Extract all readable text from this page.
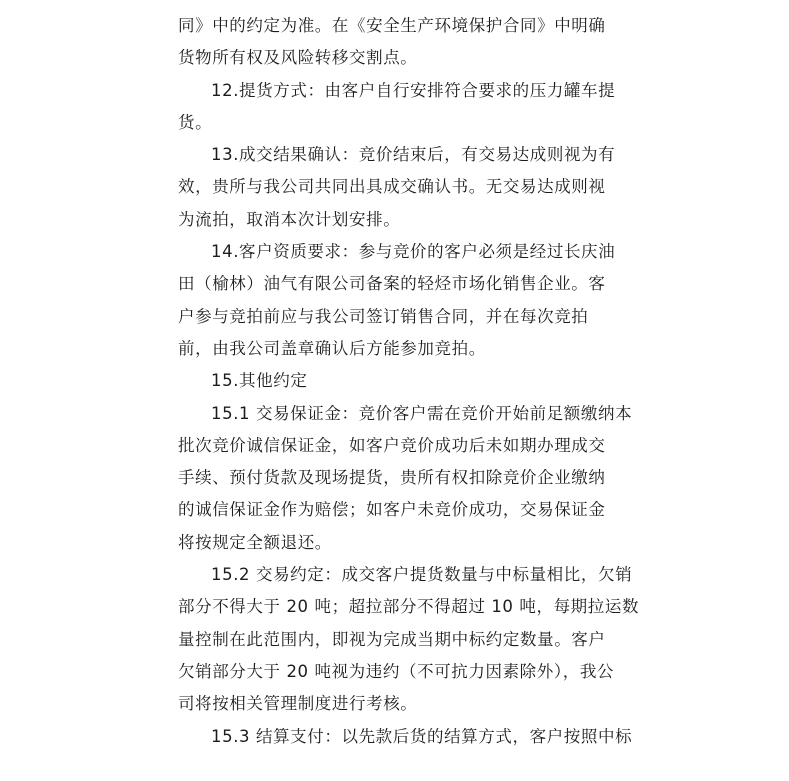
同》中的约定为准。在《安全生产环境保护合同》中明确
货物所有权及风险转移交割点。
12.提货方式：由客户自行安排符合要求的压力罐车提
货。
13.成交结果确认：竞价结束后，有交易达成则视为有
效，贵所与我公司共同出具成交确认书。无交易达成则视
为流拍，取消本次计划安排。
14.客户资质要求：参与竞价的客户必须是经过长庆油
田（榆林）油气有限公司备案的轻烃市场化销售企业。客
户参与竞拍前应与我公司签订销售合同，并在每次竞拍
前，由我公司盖章确认后方能参加竞拍。
15.其他约定
15.1 交易保证金：竞价客户需在竞价开始前足额缴纳本
批次竞价诚信保证金，如客户竞价成功后未如期办理成交
手续、预付货款及现场提货，贵所有权扣除竞价企业缴纳
的诚信保证金作为赔偿；如客户未竞价成功，交易保证金
将按规定全额退还。
15.2 交易约定：成交客户提货数量与中标量相比，欠销
部分不得大于 20 吨；超拉部分不得超过 10 吨，每期拉运数
量控制在此范围内，即视为完成当期中标约定数量。客户
欠销部分大于 20 吨视为违约（不可抗力因素除外），我公
司将按相关管理制度进行考核。
15.3 结算支付：以先款后货的结算方式，客户按照中标
